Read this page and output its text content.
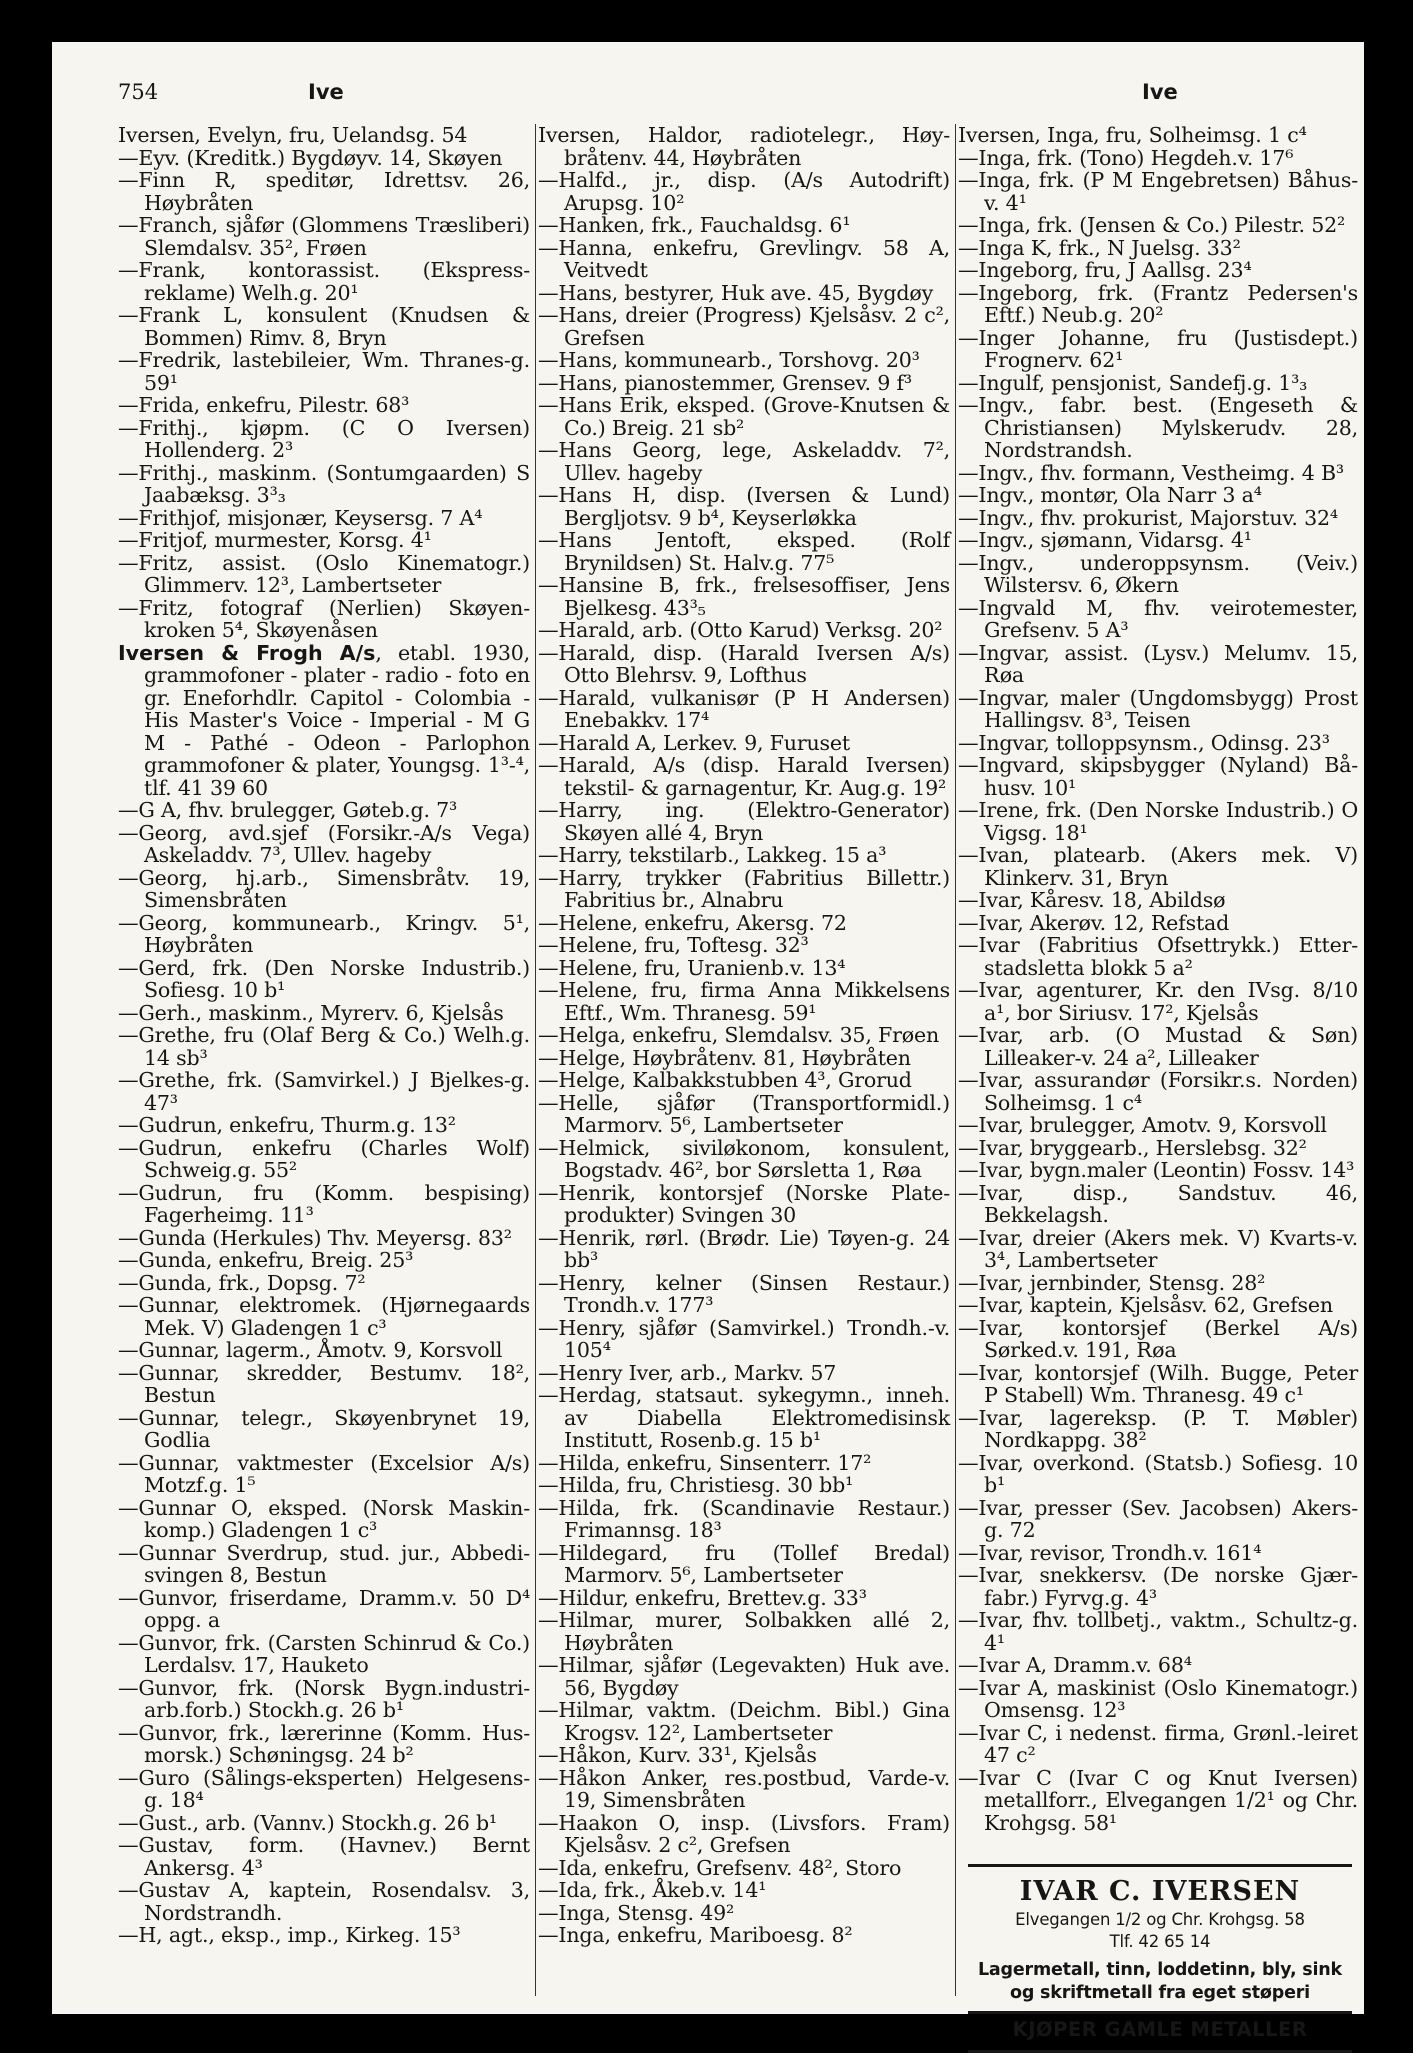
754	Ive	Ive

Iversen, Evelyn, fru, Uelandsg. 54

—Eyv. (Kreditk.) Bygdøyv. 14, Skøyen

—Finn R, speditør, Idrettsv. 26, Høybråten

—Franch, sjåfør (Glommens Træsliberi) Slemdalsv. 35², Frøen

—Frank, kontorassist. (Ekspress-reklame) Welh.g. 20¹

—Frank L, konsulent (Knudsen & Bommen) Rimv. 8, Bryn

—Fredrik, lastebileier, Wm. Thranes-g. 59¹

—Frida, enkefru, Pilestr. 68³

—Frithj., kjøpm. (C O Iversen) Hollenderg. 2³

—Frithj., maskinm. (Sontumgaarden) S Jaabæksg. 3³₃

—Frithjof, misjonær, Keysersg. 7 A⁴

—Fritjof, murmester, Korsg. 4¹

—Fritz, assist. (Oslo Kinematogr.) Glimmerv. 12³, Lambertseter

—Fritz, fotograf (Nerlien) Skøyen-kroken 5⁴, Skøyenåsen

Iversen & Frogh A/s, etabl. 1930, grammofoner - plater - radio - foto en gr. Eneforhdlr. Capitol - Colombia - His Master's Voice - Imperial - M G M - Pathé - Odeon - Parlophon grammofoner & plater, Youngsg. 1³-⁴, tlf. 41 39 60

—G A, fhv. brulegger, Gøteb.g. 7³

—Georg, avd.sjef (Forsikr.-A/s Vega) Askeladdv. 7³, Ullev. hageby

—Georg, hj.arb., Simensbråtv. 19, Simensbråten

—Georg, kommunearb., Kringv. 5¹, Høybråten

—Gerd, frk. (Den Norske Industrib.) Sofiesg. 10 b¹

—Gerh., maskinm., Myrerv. 6, Kjelsås

—Grethe, fru (Olaf Berg & Co.) Welh.g. 14 sb³

—Grethe, frk. (Samvirkel.) J Bjelkes-g. 47³

—Gudrun, enkefru, Thurm.g. 13²

—Gudrun, enkefru (Charles Wolf) Schweig.g. 55²

—Gudrun, fru (Komm. bespising) Fagerheimg. 11³

—Gunda (Herkules) Thv. Meyersg. 83²

—Gunda, enkefru, Breig. 25³

—Gunda, frk., Dopsg. 7²

—Gunnar, elektromek. (Hjørnegaards Mek. V) Gladengen 1 c³

—Gunnar, lagerm., Åmotv. 9, Korsvoll

—Gunnar, skredder, Bestumv. 18², Bestun

—Gunnar, telegr., Skøyenbrynet 19, Godlia

—Gunnar, vaktmester (Excelsior A/s) Motzf.g. 1⁵

—Gunnar O, eksped. (Norsk Maskin-komp.) Gladengen 1 c³

—Gunnar Sverdrup, stud. jur., Abbedi-svingen 8, Bestun

—Gunvor, friserdame, Dramm.v. 50 D⁴ oppg. a

—Gunvor, frk. (Carsten Schinrud & Co.) Lerdalsv. 17, Hauketo

—Gunvor, frk. (Norsk Bygn.industri-arb.forb.) Stockh.g. 26 b¹

—Gunvor, frk., lærerinne (Komm. Hus-morsk.) Schøningsg. 24 b²

—Guro (Sålings-eksperten) Helgesens-g. 18⁴

—Gust., arb. (Vannv.) Stockh.g. 26 b¹

—Gustav, form. (Havnev.) Bernt Ankersg. 4³

—Gustav A, kaptein, Rosendalsv. 3, Nordstrandh.

—H, agt., eksp., imp., Kirkeg. 15³

Iversen, Haldor, radiotelegr., Høy-bråtenv. 44, Høybråten

—Halfd., jr., disp. (A/s Autodrift) Arupsg. 10²

—Hanken, frk., Fauchaldsg. 6¹

—Hanna, enkefru, Grevlingv. 58 A, Veitvedt

—Hans, bestyrer, Huk ave. 45, Bygdøy

—Hans, dreier (Progress) Kjelsåsv. 2 c², Grefsen

—Hans, kommunearb., Torshovg. 20³

—Hans, pianostemmer, Grensev. 9 f³

—Hans Erik, eksped. (Grove-Knutsen & Co.) Breig. 21 sb²

—Hans Georg, lege, Askeladdv. 7², Ullev. hageby

—Hans H, disp. (Iversen & Lund) Bergljotsv. 9 b⁴, Keyserløkka

—Hans Jentoft, eksped. (Rolf Brynildsen) St. Halv.g. 77⁵

—Hansine B, frk., frelsesoffiser, Jens Bjelkesg. 43³₅

—Harald, arb. (Otto Karud) Verksg. 20²

—Harald, disp. (Harald Iversen A/s) Otto Blehrsv. 9, Lofthus

—Harald, vulkanisør (P H Andersen) Enebakkv. 17⁴

—Harald A, Lerkev. 9, Furuset

—Harald, A/s (disp. Harald Iversen) tekstil- & garnagentur, Kr. Aug.g. 19²

—Harry, ing. (Elektro-Generator) Skøyen allé 4, Bryn

—Harry, tekstilarb., Lakkeg. 15 a³

—Harry, trykker (Fabritius Billettr.) Fabritius br., Alnabru

—Helene, enkefru, Akersg. 72

—Helene, fru, Toftesg. 32³

—Helene, fru, Uranienb.v. 13⁴

—Helene, fru, firma Anna Mikkelsens Eftf., Wm. Thranesg. 59¹

—Helga, enkefru, Slemdalsv. 35, Frøen

—Helge, Høybråtenv. 81, Høybråten

—Helge, Kalbakkstubben 4³, Grorud

—Helle, sjåfør (Transportformidl.) Marmorv. 5⁶, Lambertseter

—Helmick, siviløkonom, konsulent, Bogstadv. 46², bor Sørsletta 1, Røa

—Henrik, kontorsjef (Norske Plate-produkter) Svingen 30

—Henrik, rørl. (Brødr. Lie) Tøyen-g. 24 bb³

—Henry, kelner (Sinsen Restaur.) Trondh.v. 177³

—Henry, sjåfør (Samvirkel.) Trondh.-v. 105⁴

—Henry Iver, arb., Markv. 57

—Herdag, statsaut. sykegymn., inneh. av Diabella Elektromedisinsk Institutt, Rosenb.g. 15 b¹

—Hilda, enkefru, Sinsenterr. 17²

—Hilda, fru, Christiesg. 30 bb¹

—Hilda, frk. (Scandinavie Restaur.) Frimannsg. 18³

—Hildegard, fru (Tollef Bredal) Marmorv. 5⁶, Lambertseter

—Hildur, enkefru, Brettev.g. 33³

—Hilmar, murer, Solbakken allé 2, Høybråten

—Hilmar, sjåfør (Legevakten) Huk ave. 56, Bygdøy

—Hilmar, vaktm. (Deichm. Bibl.) Gina Krogsv. 12², Lambertseter

—Håkon, Kurv. 33¹, Kjelsås

—Håkon Anker, res.postbud, Varde-v. 19, Simensbråten

—Haakon O, insp. (Livsfors. Fram) Kjelsåsv. 2 c², Grefsen

—Ida, enkefru, Grefsenv. 48², Storo

—Ida, frk., Åkeb.v. 14¹

—Inga, Stensg. 49²

—Inga, enkefru, Mariboesg. 8²

Iversen, Inga, fru, Solheimsg. 1 c⁴

—Inga, frk. (Tono) Hegdeh.v. 17⁶

—Inga, frk. (P M Engebretsen) Båhus-v. 4¹

—Inga, frk. (Jensen & Co.) Pilestr. 52²

—Inga K, frk., N Juelsg. 33²

—Ingeborg, fru, J Aallsg. 23⁴

—Ingeborg, frk. (Frantz Pedersen's Eftf.) Neub.g. 20²

—Inger Johanne, fru (Justisdept.) Frognerv. 62¹

—Ingulf, pensjonist, Sandefj.g. 1³₃

—Ingv., fabr. best. (Engeseth & Christiansen) Mylskerudv. 28, Nordstrandsh.

—Ingv., fhv. formann, Vestheimg. 4 B³

—Ingv., montør, Ola Narr 3 a⁴

—Ingv., fhv. prokurist, Majorstuv. 32⁴

—Ingv., sjømann, Vidarsg. 4¹

—Ingv., underoppsynsm. (Veiv.) Wilstersv. 6, Økern

—Ingvald M, fhv. veirotemester, Grefsenv. 5 A³

—Ingvar, assist. (Lysv.) Melumv. 15, Røa

—Ingvar, maler (Ungdomsbygg) Prost Hallingsv. 8³, Teisen

—Ingvar, tolloppsynsm., Odinsg. 23³

—Ingvard, skipsbygger (Nyland) Bå-husv. 10¹

—Irene, frk. (Den Norske Industrib.) O Vigsg. 18¹

—Ivan, platearb. (Akers mek. V) Klinkerv. 31, Bryn

—Ivar, Kåresv. 18, Abildsø

—Ivar, Akerøv. 12, Refstad

—Ivar (Fabritius Ofsettrykk.) Etter-stadsletta blokk 5 a²

—Ivar, agenturer, Kr. den IVsg. 8/10 a¹, bor Siriusv. 17², Kjelsås

—Ivar, arb. (O Mustad & Søn) Lilleaker-v. 24 a², Lilleaker

—Ivar, assurandør (Forsikr.s. Norden) Solheimsg. 1 c⁴

—Ivar, brulegger, Amotv. 9, Korsvoll

—Ivar, bryggearb., Herslebsg. 32²

—Ivar, bygn.maler (Leontin) Fossv. 14³

—Ivar, disp., Sandstuv. 46, Bekkelagsh.

—Ivar, dreier (Akers mek. V) Kvarts-v. 3⁴, Lambertseter

—Ivar, jernbinder, Stensg. 28²

—Ivar, kaptein, Kjelsåsv. 62, Grefsen

—Ivar, kontorsjef (Berkel A/s) Sørked.v. 191, Røa

—Ivar, kontorsjef (Wilh. Bugge, Peter P Stabell) Wm. Thranesg. 49 c¹

—Ivar, lagereksp. (P. T. Møbler) Nordkappg. 38²

—Ivar, overkond. (Statsb.) Sofiesg. 10 b¹

—Ivar, presser (Sev. Jacobsen) Akers-g. 72

—Ivar, revisor, Trondh.v. 161⁴

—Ivar, snekkersv. (De norske Gjær-fabr.) Fyrvg.g. 4³

—Ivar, fhv. tollbetj., vaktm., Schultz-g. 4¹

—Ivar A, Dramm.v. 68⁴

—Ivar A, maskinist (Oslo Kinematogr.) Omsensg. 12³

—Ivar C, i nedenst. firma, Grønl.-leiret 47 c²

—Ivar C (Ivar C og Knut Iversen) metallforr., Elvegangen 1/2¹ og Chr. Krohgsg. 58¹

IVAR C. IVERSEN
Elvegangen 1/2 og Chr. Krohgsg. 58
Tlf. 42 65 14
Lagermetall, tinn, loddetinn, bly, sink
og skriftmetall fra eget støperi
KJØPER GAMLE METALLER
